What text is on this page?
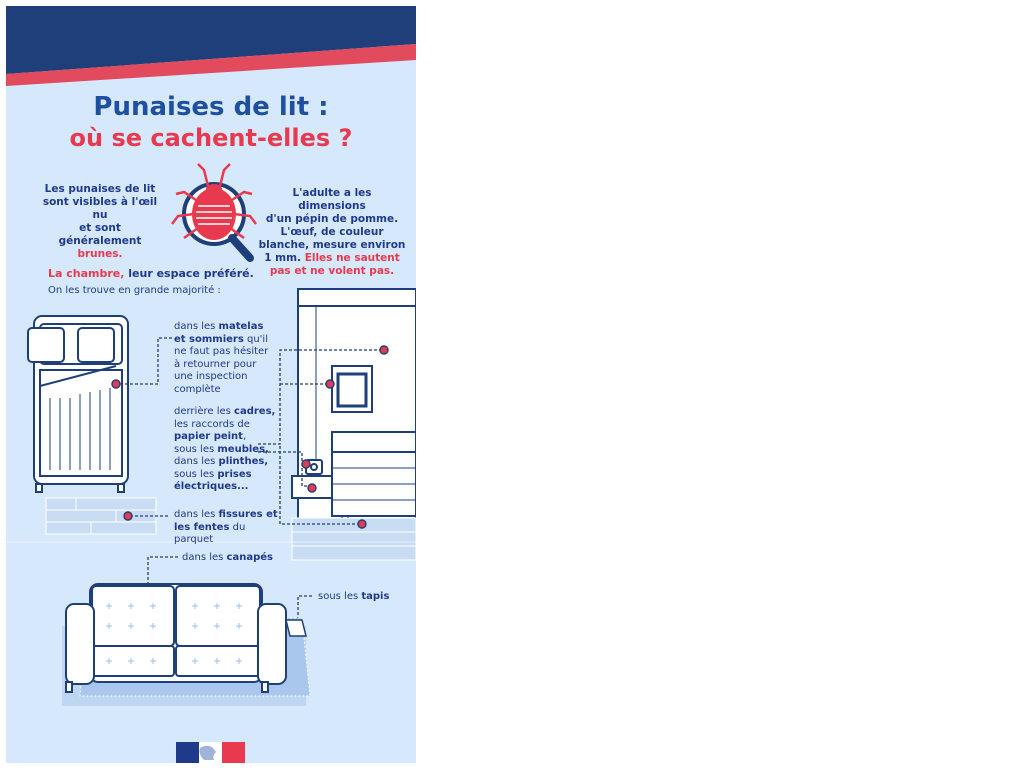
Punaises de lit :
où se cachent-elles ?
Les punaises de lit
sont visibles à l'œil nu
et sont généralement
brunes.
L'adulte a les dimensions
d'un pépin de pomme.
L'œuf, de couleur
blanche, mesure environ
1 mm. Elles ne sautent
pas et ne volent pas.
La chambre, leur espace préféré.
On les trouve en grande majorité :
dans les matelas
et sommiers qu'il
ne faut pas hésiter
à retourner pour
une inspection
complète
derrière les cadres,
les raccords de
papier peint,
sous les meubles,
dans les plinthes,
sous les prises
électriques...
dans les fissures et
les fentes du parquet
dans les canapés
sous les tapis
